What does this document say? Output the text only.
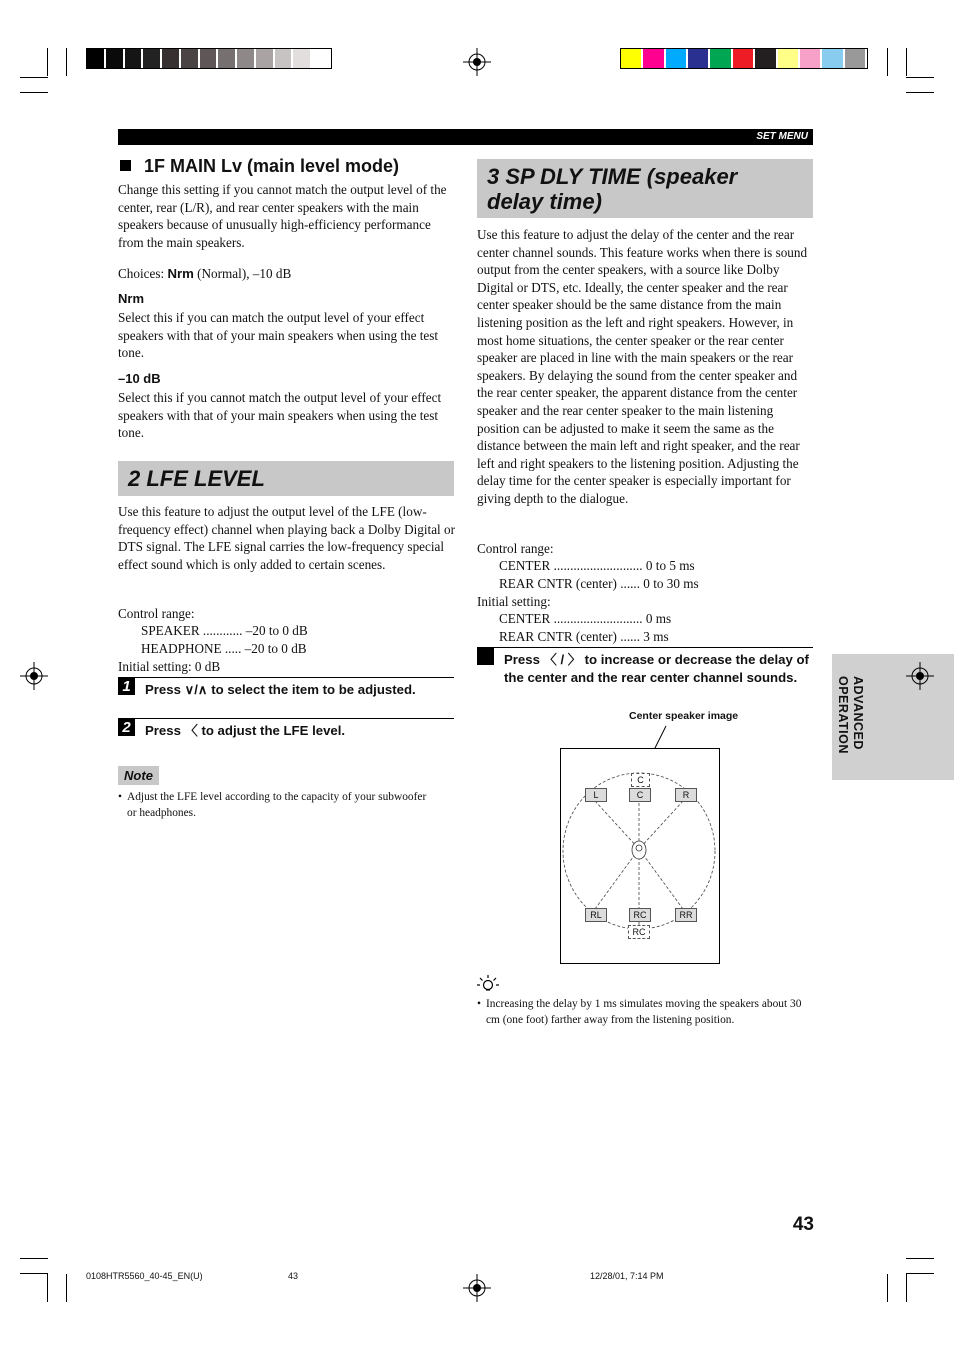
SET MENU
1F MAIN Lv (main level mode)
Change this setting if you cannot match the output level of the center, rear (L/R), and rear center speakers with the main speakers because of unusually high-efficiency performance from the main speakers.
Choices: Nrm (Normal), –10 dB
Nrm
Select this if you can match the output level of your effect speakers with that of your main speakers when using the test tone.
–10 dB
Select this if you cannot match the output level of your effect speakers with that of your main speakers when using the test tone.
2 LFE LEVEL
Use this feature to adjust the output level of the LFE (low-frequency effect) channel when playing back a Dolby Digital or DTS signal. The LFE signal carries the low-frequency special effect sound which is only added to certain scenes.
Control range:
SPEAKER ............ –20 to 0 dB
HEADPHONE ..... –20 to 0 dB
Initial setting: 0 dB
1	Press ∨/∧ to select the item to be adjusted.
2	Press 〈 to adjust the LFE level.
Note
• Adjust the LFE level according to the capacity of your subwoofer or headphones.
3 SP DLY TIME (speaker delay time)
Use this feature to adjust the delay of the center and the rear center channel sounds. This feature works when there is sound output from the center speakers, with a source like Dolby Digital or DTS, etc. Ideally, the center speaker and the rear center speaker should be the same distance from the main listening position as the left and right speakers. However, in most home situations, the center speaker or the rear center speaker are placed in line with the main speakers or the rear speakers. By delaying the sound from the center speaker and the rear center speaker, the apparent distance from the center speaker and the rear center speaker to the main listening position can be adjusted to make it seem the same as the distance between the main left and right speaker, and the rear left and right speakers to the listening position. Adjusting the delay time for the center speaker is especially important for giving depth to the dialogue.
Control range:
CENTER ........................... 0 to 5 ms
REAR CNTR (center) ...... 0 to 30 ms
Initial setting:
CENTER ........................... 0 ms
REAR CNTR (center) ...... 3 ms
Press 〈 / 〉 to increase or decrease the delay of the center and the rear center channel sounds.
Center speaker image
C
L	C	R
RL	RC	RR
RC
• Increasing the delay by 1 ms simulates moving the speakers about 30 cm (one foot) farther away from the listening position.
ADVANCED
OPERATION
43
0108HTR5560_40-45_EN(U)	43	12/28/01, 7:14 PM
